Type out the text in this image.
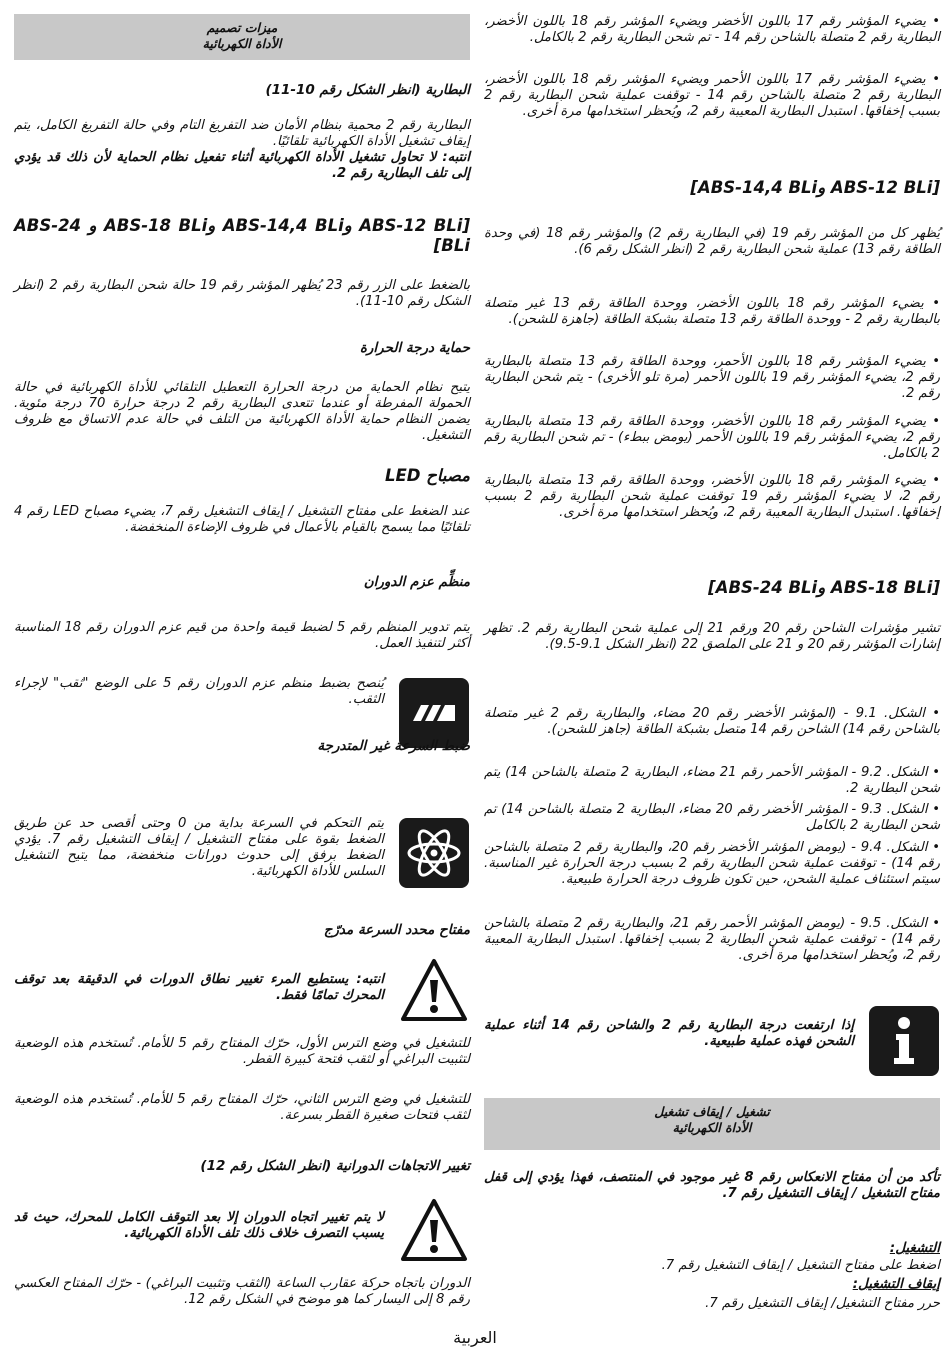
• يضيء المؤشر رقم 17 باللون الأخضر ويضيء المؤشر رقم 18 باللون الأخضر، البطارية رقم 2 متصلة بالشاحن رقم 14 - تم شحن البطارية رقم 2 بالكامل.
• يضيء المؤشر رقم 17 باللون الأحمر ويضيء المؤشر رقم 18 باللون الأخضر، البطارية رقم 2 متصلة بالشاحن رقم 14 - توقفت عملية شحن البطارية رقم 2 بسبب إخفاقها. استبدل البطارية المعيبة رقم 2، ويُحظر استخدامها مرة أخرى.
[ABS-12 BLi وABS-14,4 BLi]
يُظهر كل من المؤشر رقم 19 (في البطارية رقم 2) والمؤشر رقم 18 (في وحدة الطاقة رقم 13) عملية شحن البطارية رقم 2 (انظر الشكل رقم 6).
• يضيء المؤشر رقم 18 باللون الأخضر، ووحدة الطاقة رقم 13 غير متصلة بالبطارية رقم 2 - ووحدة الطاقة رقم 13 متصلة بشبكة الطاقة (جاهزة للشحن).
• يضيء المؤشر رقم 18 باللون الأحمر، ووحدة الطاقة رقم 13 متصلة بالبطارية رقم 2، يضيء المؤشر رقم 19 باللون الأحمر (مرة تلو الأخرى) - يتم شحن البطارية رقم 2.
• يضيء المؤشر رقم 18 باللون الأخضر، ووحدة الطاقة رقم 13 متصلة بالبطارية رقم 2، يضيء المؤشر رقم 19 باللون الأحمر (يومض ببطء) - تم شحن البطارية رقم 2 بالكامل.
• يضيء المؤشر رقم 18 باللون الأخضر، ووحدة الطاقة رقم 13 متصلة بالبطارية رقم 2، لا يضيء المؤشر رقم 19 توقفت عملية شحن البطارية رقم 2 بسبب إخفاقها. استبدل البطارية المعيبة رقم 2، ويُحظر استخدامها مرة أخرى.
[ABS-18 BLi وABS-24 BLi]
تشير مؤشرات الشاحن رقم 20 ورقم 21 إلى عملية شحن البطارية رقم 2. تظهر إشارات المؤشر رقم 20 و 21 على الملصق 22 (انظر الشكل 9.1-9.5).
• الشكل. 9.1 - (المؤشر الأخضر رقم 20 مضاء، والبطارية رقم 2 غير متصلة بالشاحن رقم 14) الشاحن رقم 14 متصل بشبكة الطاقة (جاهز للشحن).
• الشكل. 9.2 - المؤشر الأحمر رقم 21 مضاء، البطارية 2 متصلة بالشاحن 14) يتم شحن البطارية 2.
• الشكل. 9.3 - المؤشر الأخضر رقم 20 مضاء، البطارية 2 متصلة بالشاحن 14) تم شحن البطارية 2 بالكامل
• الشكل. 9.4 - (يومض المؤشر الأخضر رقم 20، والبطارية رقم 2 متصلة بالشاحن رقم 14) - توقفت عملية شحن البطارية رقم 2 بسبب درجة الحرارة غير المناسبة. سيتم استئناف عملية الشحن، حين تكون ظروف درجة الحرارة طبيعية.
• الشكل. 9.5 - (يومض المؤشر الأحمر رقم 21، والبطارية رقم 2 متصلة بالشاحن رقم 14) - توقفت عملية شحن البطارية 2 بسبب إخفاقها. استبدل البطارية المعيبة رقم 2، ويُحظر استخدامها مرة أخرى.
إذا ارتفعت درجة البطارية رقم 2 والشاحن رقم 14 أثناء عملية الشحن فهذه عملية طبيعية.
تشغيل / إيقاف تشغيل
الأداة الكهربائية
تأكد من أن مفتاح الانعكاس رقم 8 غير موجود في المنتصف، فهذا يؤدي إلى قفل مفتاح التشغيل / إيقاف التشغيل رقم 7.
التشغيل:
اضغط على مفتاح التشغيل / إيقاف التشغيل رقم 7.
إيقاف التشغيل:
حرر مفتاح التشغيل/ إيقاف التشغيل رقم 7.
ميزات تصميم
الأداة الكهربائية
البطارية (انظر الشكل رقم 10-11)
البطارية رقم 2 محمية بنظام الأمان ضد التفريغ التام وفي حالة التفريغ الكامل، يتم إيقاف تشغيل الأداة الكهربائية تلقائيًا.
انتبه: لا تحاول تشغيل الأداة الكهربائية أثناء تفعيل نظام الحماية لأن ذلك قد يؤدي إلى تلف البطارية رقم 2.
[ABS-12 BLi وABS-14,4 BLi وABS-18 BLi و ABS-24 BLi]
بالضغط على الزر رقم 23 يُظهر المؤشر رقم 19 حالة شحن البطارية رقم 2 (انظر الشكل رقم 10-11).
حماية درجة الحرارة
يتيح نظام الحماية من درجة الحرارة التعطيل التلقائي للأداة الكهربائية في حالة الحمولة المفرطة أو عندما تتعدى البطارية رقم 2 درجة حرارة 70 درجة مئوية. يضمن النظام حماية الأداة الكهربائية من التلف في حالة عدم الاتساق مع ظروف التشغيل.
مصباح LED
عند الضغط على مفتاح التشغيل / إيقاف التشغيل رقم 7، يضيء مصباح LED رقم 4 تلقائيًا مما يسمح بالقيام بالأعمال في ظروف الإضاءة المنخفضة.
منظِّم عزم الدوران
يتم تدوير المنظم رقم 5 لضبط قيمة واحدة من قيم عزم الدوران رقم 18 المناسبة أكثر لتنفيذ العمل.
يُنصح بضبط منظم عزم الدوران رقم 5 على الوضع "ثقب" لإجراء الثقب.
ضبط السرعة غير المتدرجة
يتم التحكم في السرعة بداية من 0 وحتى أقصى حد عن طريق الضغط بقوة على مفتاح التشغيل / إيقاف التشغيل رقم 7. يؤدي الضغط برفق إلى حدوث دورانات منخفضة، مما يتيح التشغيل السلس للأداة الكهربائية.
مفتاح محدد السرعة مدرّج
انتبه: يستطيع المرء تغيير نطاق الدورات في الدقيقة بعد توقف المحرك تمامًا فقط.
للتشغيل في وضع الترس الأول، حرّك المفتاح رقم 5 للأمام. تُستخدم هذه الوضعية لتثبيت البراغي أو لثقب فتحة كبيرة القطر.
للتشغيل في وضع الترس الثاني، حرّك المفتاح رقم 5 للأمام. تُستخدم هذه الوضعية لثقب فتحات صغيرة القطر بسرعة.
تغيير الاتجاهات الدورانية (انظر الشكل رقم 12)
لا يتم تغيير اتجاه الدوران إلا بعد التوقف الكامل للمحرك، حيث قد يسبب التصرف خلاف ذلك تلف الأداة الكهربائية.
الدوران باتجاه حركة عقارب الساعة (الثقب وتثبيت البراغي) - حرّك المفتاح العكسي رقم 8 إلى اليسار كما هو موضح في الشكل رقم 12.
العربية
